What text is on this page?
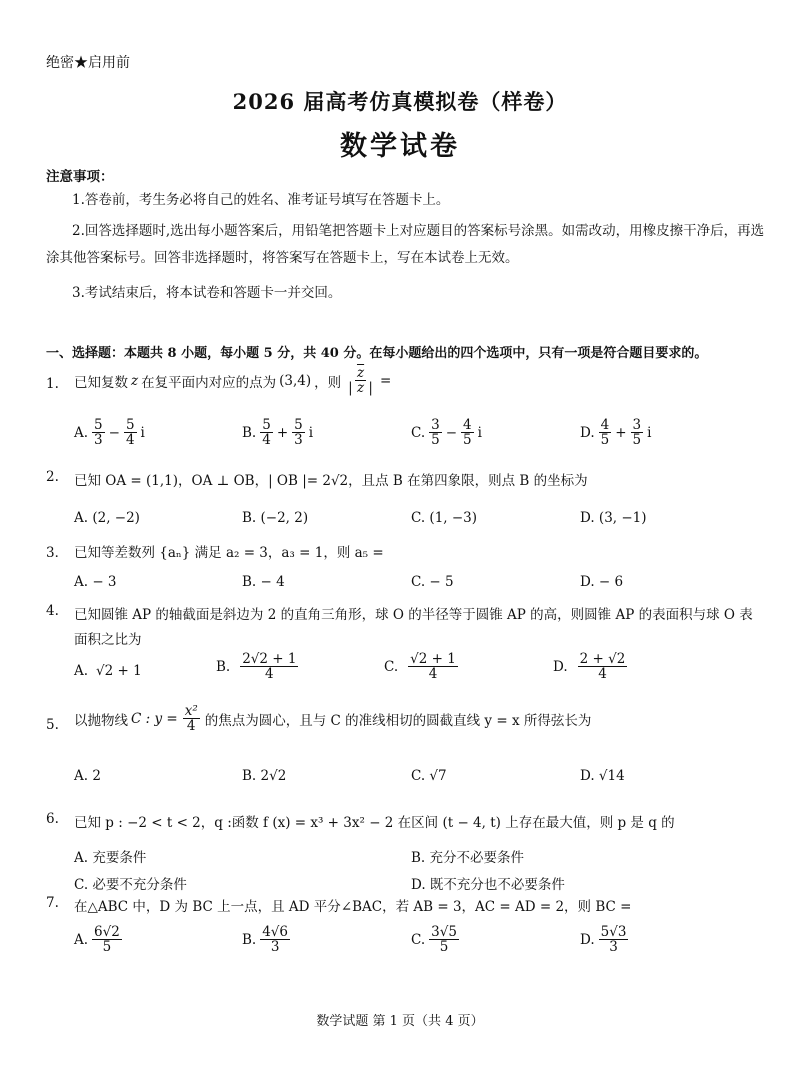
绝密★启用前
2026 届高考仿真模拟卷（样卷）
数学试卷
注意事项：
1.答卷前，考生务必将自己的姓名、准考证号填写在答题卡上。
2.回答选择题时,选出每小题答案后，用铅笔把答题卡上对应题目的答案标号涂黑。如需改动，用橡皮擦干净后，再选涂其他答案标号。回答非选择题时，将答案写在答题卡上，写在本试卷上无效。
3.考试结束后，将本试卷和答题卡一并交回。
一、选择题：本题共 8 小题，每小题 5 分，共 40 分。在每小题给出的四个选项中，只有一项是符合题目要求的。
1. 已知复数 z 在复平面内对应的点为 (3,4) ，则 $\frac{\overline{z}}{| z |}$ =
A. $\frac{5}{3} - \frac{5}{4}$ i	B. $\frac{5}{4} + \frac{5}{3}$ i	C. $\frac{3}{5} - \frac{4}{5}$ i	D. $\frac{4}{5} + \frac{3}{5}$ i
2. 已知 OA = (1,1)，OA ⊥ OB，| OB |= 2√2，且点 B 在第四象限，则点 B 的坐标为
A. (2, −2)	B. (−2, 2)	C. (1, −3)	D. (3, −1)
3． 已知等差数列 {aₙ} 满足 a₂ = 3，a₃ = 1，则 a₅ =
A. − 3	B. − 4	C. − 5	D. − 6
4. 已知圆锥 AP 的轴截面是斜边为 2 的直角三角形，球 O 的半径等于圆锥 AP 的高，则圆锥 AP 的表面积与球 O 表
面积之比为
A. √2 + 1	B. $\frac{2√2 + 1}{4}$	C. $\frac{√2 + 1}{4}$	D. $\frac{2 + √2}{4}$
5. 以抛物线 C : $y = \frac{\text{x²}}{4}$ 的焦点为圆心，且与 C 的准线相切的圆截直线 y = x 所得弦长为
A. 2	B. 2√2	C. √7	D. √14
6. 已知 p : −2 < t < 2，q :函数 f (x) = x³ + 3x² − 2 在区间 (t − 4, t) 上存在最大值，则 p 是 q 的
A. 充要条件	B. 充分不必要条件
C. 必要不充分条件	D. 既不充分也不必要条件
7. 在△ABC 中，D 为 BC 上一点，且 AD 平分∠BAC，若 AB = 3，AC = AD = 2，则 BC =
A. $\frac{6√2}{5}$	B. $\frac{4√6}{3}$	C. $\frac{3√5}{5}$	D. $\frac{5√3}{3}$
数学试题 第 1 页（共 4 页）
